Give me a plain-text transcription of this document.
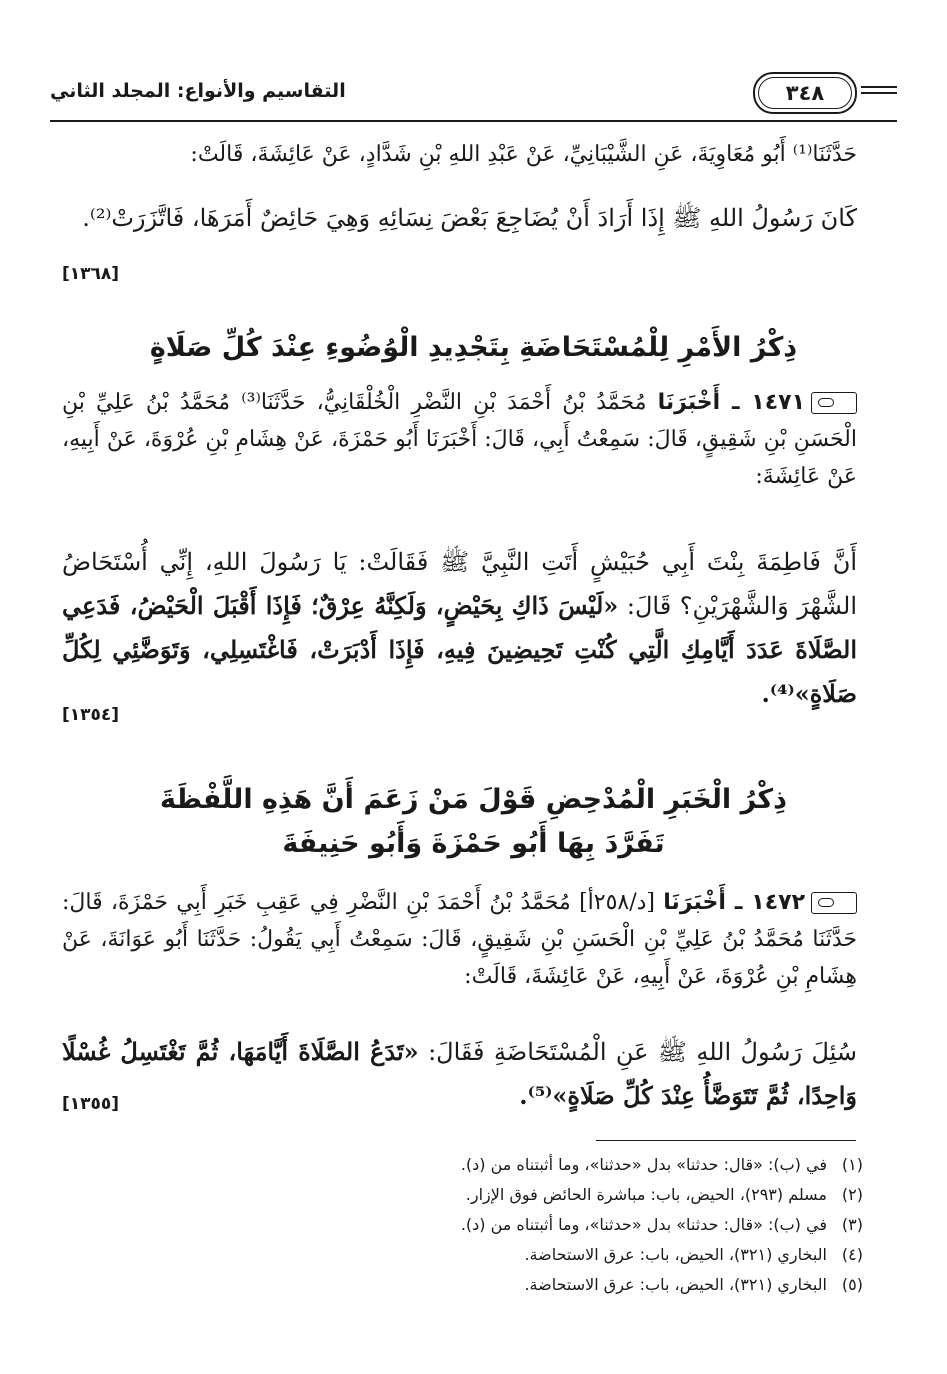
٣٤٨
التقاسيم والأنواع: المجلد الثاني
حَدَّثَنَا⁽¹⁾ أَبُو مُعَاوِيَةَ، عَنِ الشَّيْبَانِيِّ، عَنْ عَبْدِ اللهِ بْنِ شَدَّادٍ، عَنْ عَائِشَةَ، قَالَتْ:
كَانَ رَسُولُ اللهِ ﷺ إِذَا أَرَادَ أَنْ يُضَاجِعَ بَعْضَ نِسَائِهِ وَهِيَ حَائِضٌ أَمَرَهَا، فَاتَّزَرَتْ⁽²⁾.
[١٣٦٨]
ذِكْرُ الأَمْرِ لِلْمُسْتَحَاضَةِ بِتَجْدِيدِ الْوُضُوءِ عِنْدَ كُلِّ صَلَاةٍ
١٤٧١ ـ أَخْبَرَنَا مُحَمَّدُ بْنُ أَحْمَدَ بْنِ النَّضْرِ الْخُلْقَانِيُّ، حَدَّثَنَا⁽³⁾ مُحَمَّدُ بْنُ عَلِيِّ بْنِ الْحَسَنِ بْنِ شَقِيقٍ، قَالَ: سَمِعْتُ أَبِي، قَالَ: أَخْبَرَنَا أَبُو حَمْزَةَ، عَنْ هِشَامِ بْنِ عُرْوَةَ، عَنْ أَبِيهِ، عَنْ عَائِشَةَ:
أَنَّ فَاطِمَةَ بِنْتَ أَبِي حُبَيْشٍ أَتَتِ النَّبِيَّ ﷺ فَقَالَتْ: يَا رَسُولَ اللهِ، إِنِّي أُسْتَحَاضُ الشَّهْرَ وَالشَّهْرَيْنِ؟ قَالَ: «لَيْسَ ذَاكِ بِحَيْضٍ، وَلَكِنَّهُ عِرْقٌ؛ فَإِذَا أَقْبَلَ الْحَيْضُ، فَدَعِي الصَّلَاةَ عَدَدَ أَيَّامِكِ الَّتِي كُنْتِ تَحِيضِينَ فِيهِ، فَإِذَا أَدْبَرَتْ، فَاغْتَسِلِي، وَتَوَضَّئِي لِكُلِّ صَلَاةٍ»⁽⁴⁾.
[١٣٥٤]
ذِكْرُ الْخَبَرِ الْمُدْحِضِ قَوْلَ مَنْ زَعَمَ أَنَّ هَذِهِ اللَّفْظَةَ
تَفَرَّدَ بِهَا أَبُو حَمْزَةَ وَأَبُو حَنِيفَةَ
١٤٧٢ ـ أَخْبَرَنَا [د/٢٥٨أ] مُحَمَّدُ بْنُ أَحْمَدَ بْنِ النَّضْرِ فِي عَقِبِ خَبَرِ أَبِي حَمْزَةَ، قَالَ: حَدَّثَنَا مُحَمَّدُ بْنُ عَلِيِّ بْنِ الْحَسَنِ بْنِ شَقِيقٍ، قَالَ: سَمِعْتُ أَبِي يَقُولُ: حَدَّثَنَا أَبُو عَوَانَةَ، عَنْ هِشَامِ بْنِ عُرْوَةَ، عَنْ أَبِيهِ، عَنْ عَائِشَةَ، قَالَتْ:
سُئِلَ رَسُولُ اللهِ ﷺ عَنِ الْمُسْتَحَاضَةِ فَقَالَ: «تَدَعُ الصَّلَاةَ أَيَّامَهَا، ثُمَّ تَغْتَسِلُ غُسْلًا وَاحِدًا، ثُمَّ تَتَوَضَّأُ عِنْدَ كُلِّ صَلَاةٍ»⁽⁵⁾.
[١٣٥٥]
(١)
في (ب): «قال: حدثنا» بدل «حدثنا»، وما أثبتناه من (د).
(٢)
مسلم (٢٩٣)، الحيض، باب: مباشرة الحائض فوق الإزار.
(٣)
في (ب): «قال: حدثنا» بدل «حدثنا»، وما أثبتناه من (د).
(٤)
البخاري (٣٢١)، الحيض، باب: عرق الاستحاضة.
(٥)
البخاري (٣٢١)، الحيض، باب: عرق الاستحاضة.
